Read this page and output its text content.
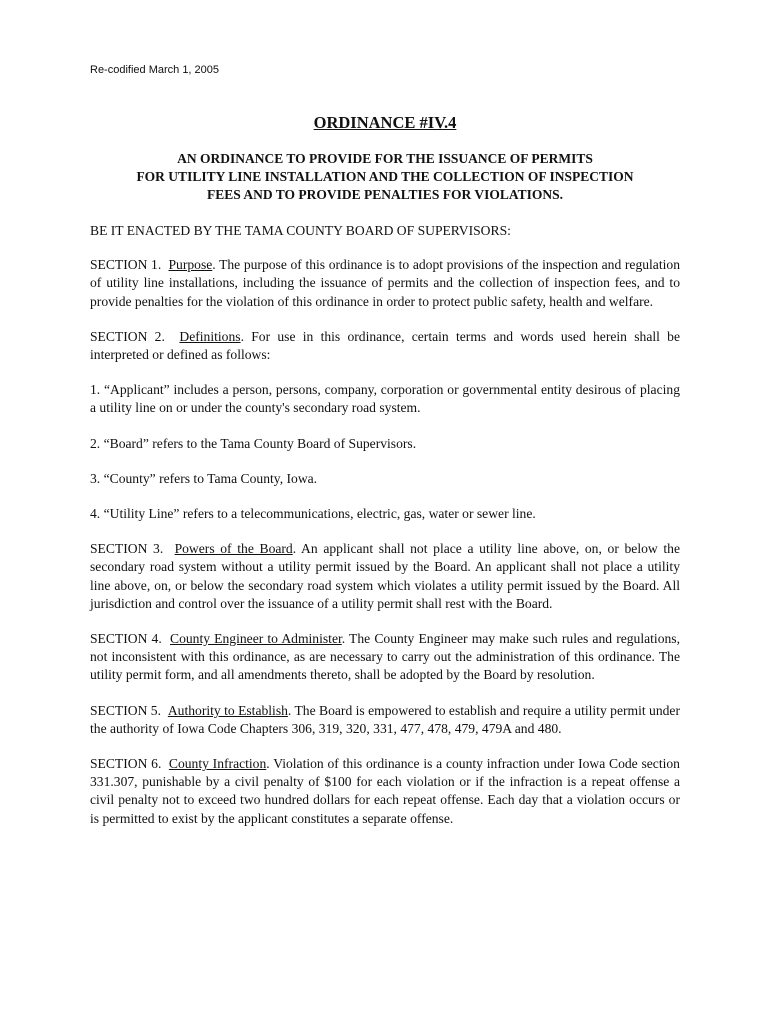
Re-codified March 1, 2005
ORDINANCE #IV.4
AN ORDINANCE TO PROVIDE FOR THE ISSUANCE OF PERMITS
FOR UTILITY LINE INSTALLATION AND THE COLLECTION OF INSPECTION
FEES AND TO PROVIDE PENALTIES FOR VIOLATIONS.

BE IT ENACTED BY THE TAMA COUNTY BOARD OF SUPERVISORS:

SECTION 1. Purpose. The purpose of this ordinance is to adopt provisions of the inspection and regulation of utility line installations, including the issuance of permits and the collection of inspection fees, and to provide penalties for the violation of this ordinance in order to protect public safety, health and welfare.

SECTION 2. Definitions. For use in this ordinance, certain terms and words used herein shall be interpreted or defined as follows:

1. “Applicant” includes a person, persons, company, corporation or governmental entity desirous of placing a utility line on or under the county's secondary road system.

2. “Board” refers to the Tama County Board of Supervisors.

3. “County” refers to Tama County, Iowa.

4. “Utility Line” refers to a telecommunications, electric, gas, water or sewer line.

SECTION 3. Powers of the Board. An applicant shall not place a utility line above, on, or below the secondary road system without a utility permit issued by the Board. An applicant shall not place a utility line above, on, or below the secondary road system which violates a utility permit issued by the Board. All jurisdiction and control over the issuance of a utility permit shall rest with the Board.

SECTION 4. County Engineer to Administer. The County Engineer may make such rules and regulations, not inconsistent with this ordinance, as are necessary to carry out the administration of this ordinance. The utility permit form, and all amendments thereto, shall be adopted by the Board by resolution.

SECTION 5. Authority to Establish. The Board is empowered to establish and require a utility permit under the authority of Iowa Code Chapters 306, 319, 320, 331, 477, 478, 479, 479A and 480.

SECTION 6. County Infraction. Violation of this ordinance is a county infraction under Iowa Code section 331.307, punishable by a civil penalty of $100 for each violation or if the infraction is a repeat offense a civil penalty not to exceed two hundred dollars for each repeat offense. Each day that a violation occurs or is permitted to exist by the applicant constitutes a separate offense.
